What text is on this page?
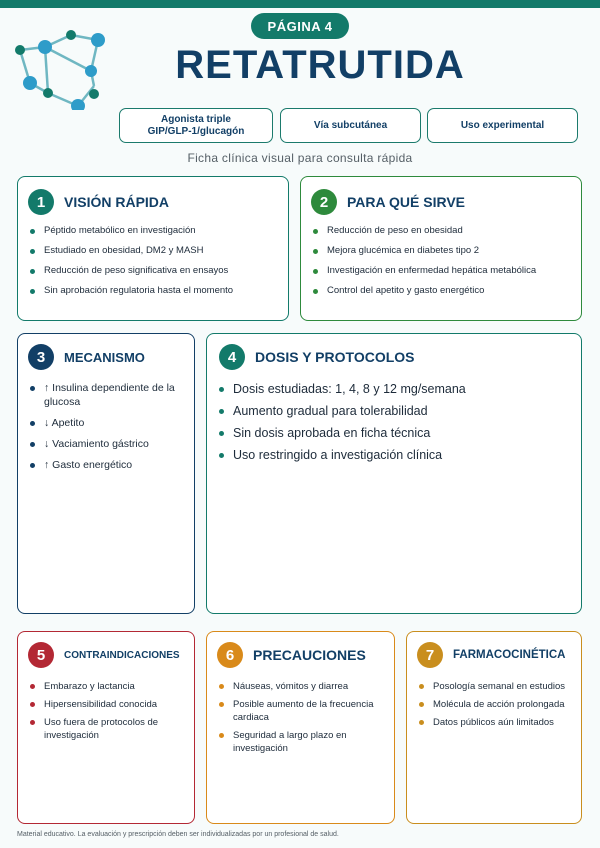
PÁGINA 4
RETATRUTIDA
Agonista triple
GIP/GLP-1/glucagón
Vía subcutánea	Uso experimental
Ficha clínica visual para consulta rápida
1	VISIÓN RÁPIDA
Péptido metabólico en investigación
Estudiado en obesidad, DM2 y MASH
Reducción de peso significativa en ensayos
Sin aprobación regulatoria hasta el momento
2	PARA QUÉ SIRVE
Reducción de peso en obesidad
Mejora glucémica en diabetes tipo 2
Investigación en enfermedad hepática metabólica
Control del apetito y gasto energético
3	MECANISMO
↑ Insulina dependiente de la glucosa
↓ Apetito
↓ Vaciamiento gástrico
↑ Gasto energético
4	DOSIS Y PROTOCOLOS
Dosis estudiadas: 1, 4, 8 y 12 mg/semana
Aumento gradual para tolerabilidad
Sin dosis aprobada en ficha técnica
Uso restringido a investigación clínica
5	CONTRAINDICACIONES
Embarazo y lactancia
Hipersensibilidad conocida
Uso fuera de protocolos de investigación
6	PRECAUCIONES
Náuseas, vómitos y diarrea
Posible aumento de la frecuencia cardiaca
Seguridad a largo plazo en investigación
7	FARMACOCINÉTICA
Posología semanal en estudios
Molécula de acción prolongada
Datos públicos aún limitados
Material educativo. La evaluación y prescripción deben ser individualizadas por un profesional de salud.
